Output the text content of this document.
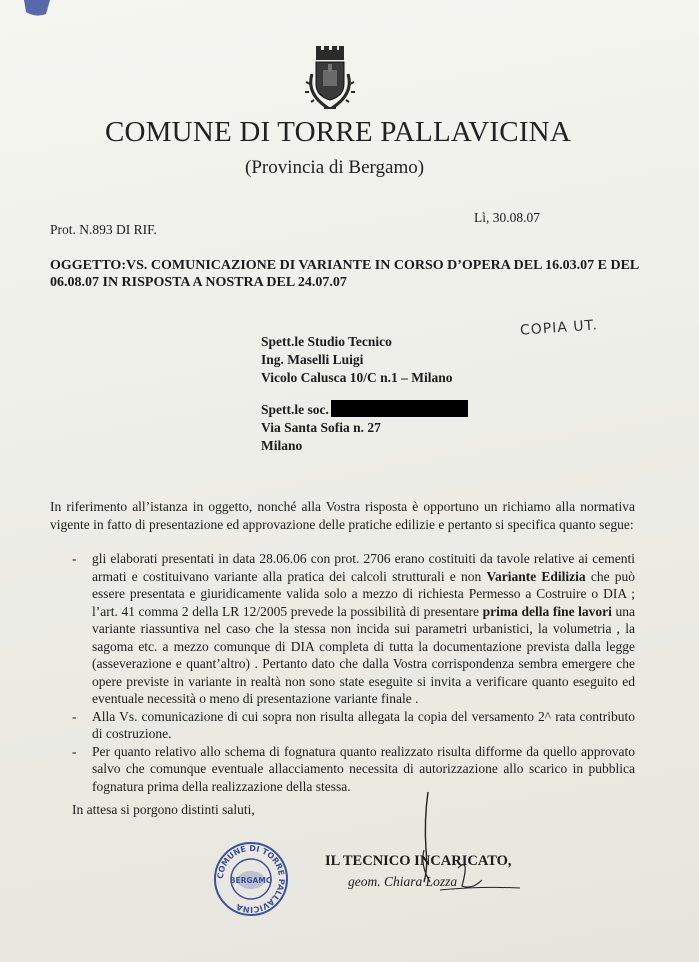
COMUNE DI TORRE PALLAVICINA
(Provincia di Bergamo)
Prot. N.893 DI RIF.
Lì, 30.08.07
OGGETTO:VS. COMUNICAZIONE DI VARIANTE IN CORSO D’OPERA DEL 16.03.07 E DEL 06.08.07 IN RISPOSTA A NOSTRA DEL 24.07.07
COPIA UT.
Spett.le Studio Tecnico
Ing. Maselli Luigi
Vicolo Calusca 10/C n.1 – Milano
Spett.le soc.
Via Santa Sofia n. 27
Milano
In riferimento all’istanza in oggetto, nonché alla Vostra risposta è opportuno un richiamo alla normativa vigente in fatto di presentazione ed approvazione delle pratiche edilizie e pertanto si specifica quanto segue:
- gli elaborati presentati in data 28.06.06 con prot. 2706 erano costituiti da tavole relative ai cementi armati e costituivano variante alla pratica dei calcoli strutturali e non Variante Edilizia che può essere presentata e giuridicamente valida solo a mezzo di richiesta Permesso a Costruire o DIA ; l’art. 41 comma 2 della LR 12/2005 prevede la possibilità di presentare prima della fine lavori una variante riassuntiva nel caso che la stessa non incida sui parametri urbanistici, la volumetria , la sagoma etc. a mezzo comunque di DIA completa di tutta la documentazione prevista dalla legge (asseverazione e quant’altro) . Pertanto dato che dalla Vostra corrispondenza sembra emergere che opere previste in variante in realtà non sono state eseguite si invita a verificare quanto eseguito ed eventuale necessità o meno di presentazione variante finale .
- Alla Vs. comunicazione di cui sopra non risulta allegata la copia del versamento 2^ rata contributo di costruzione.
- Per quanto relativo allo schema di fognatura quanto realizzato risulta difforme da quello approvato salvo che comunque eventuale allacciamento necessita di autorizzazione allo scarico in pubblica fognatura prima della realizzazione della stessa.
In attesa si porgono distinti saluti,
COMUNE DI TORRE PALLAVICINA
BERGAMO
IL TECNICO INCARICATO,
geom. Chiara Lozza
